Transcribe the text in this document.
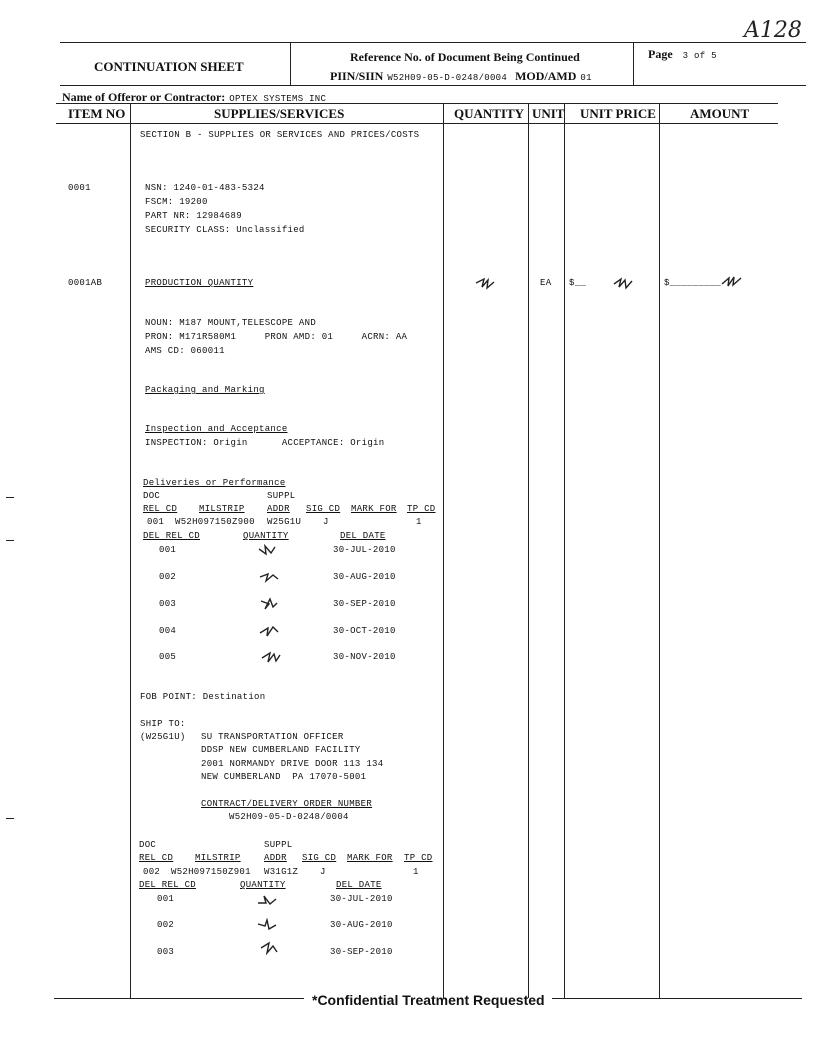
A128
CONTINUATION SHEET
Reference No. of Document Being Continued
PIIN/SIIN W52H09-05-D-0248/0004 MOD/AMD 01
Page 3 of 5
Name of Offeror or Contractor: OPTEX SYSTEMS INC
ITEM NO	SUPPLIES/SERVICES	QUANTITY UNIT UNIT PRICE	AMOUNT
SECTION B - SUPPLIES OR SERVICES AND PRICES/COSTS
0001	NSN: 1240-01-483-5324
FSCM: 19200
PART NR: 12984689
SECURITY CLASS: Unclassified
0001AB	PRODUCTION QUANTITY	EA $__	$_________
NOUN: M187 MOUNT,TELESCOPE AND
PRON: M171R580M1     PRON AMD: 01     ACRN: AA
AMS CD: 060011
Packaging and Marking
Inspection and Acceptance
INSPECTION: Origin      ACCEPTANCE: Origin
Deliveries or Performance
DOC	SUPPL
REL CD MILSTRIP ADDR SIG CD MARK FOR TP CD
001 W52H097150Z900 W25G1U J	1
DEL REL CD	QUANTITY	DEL DATE
001	30-JUL-2010
002	30-AUG-2010
003	30-SEP-2010
004	30-OCT-2010
005	30-NOV-2010
FOB POINT: Destination
SHIP TO:
(W25G1U) SU TRANSPORTATION OFFICER
DDSP NEW CUMBERLAND FACILITY
2001 NORMANDY DRIVE DOOR 113 134
NEW CUMBERLAND  PA 17070-5001
CONTRACT/DELIVERY ORDER NUMBER
W52H09-05-D-0248/0004
DOC	SUPPL
REL CD MILSTRIP	ADDR SIG CD MARK FOR TP CD
002 W52H097150Z901 W31G1Z J	1
DEL REL CD	QUANTITY	DEL DATE
001	30-JUL-2010
002	30-AUG-2010
003	30-SEP-2010
*Confidential Treatment Requested
